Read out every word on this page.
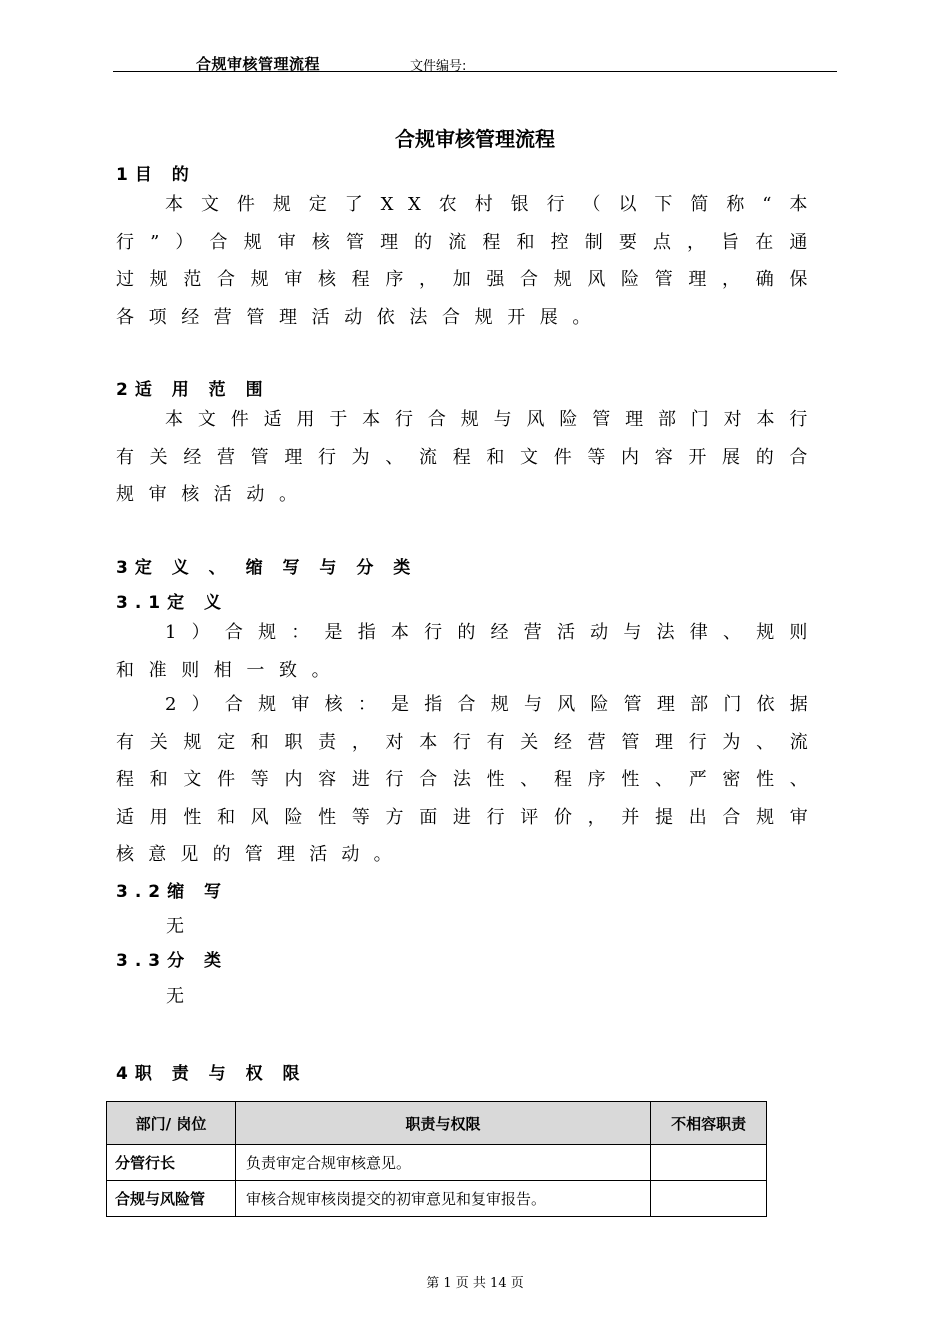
合规审核管理流程	文件编号:
合规审核管理流程
1目 的
本文件规定了XX农村银行（以下简称“本行”）合规审核管理的流程和控制要点，旨在通过规范合规审核程序，加强合规风险管理，确保各项经营管理活动依法合规开展。
2适 用 范 围
本文件适用于本行合规与风险管理部门对本行有关经营管理行为、流程和文件等内容开展的合规审核活动。
3定 义 、 缩 写 与 分 类
3.1定 义
1）合规：是指本行的经营活动与法律、规则和准则相一致。
2）合规审核：是指合规与风险管理部门依据有关规定和职责，对本行有关经营管理行为、流程和文件等内容进行合法性、程序性、严密性、适用性和风险性等方面进行评价，并提出合规审核意见的管理活动。
3.2缩 写
无
3.3分 类
无
4职 责 与 权 限
部门/ 岗位	职责与权限	不相容职责
分管行长	负责审定合规审核意见。	
合规与风险管	审核合规审核岗提交的初审意见和复审报告。	
第 1 页 共 14 页
